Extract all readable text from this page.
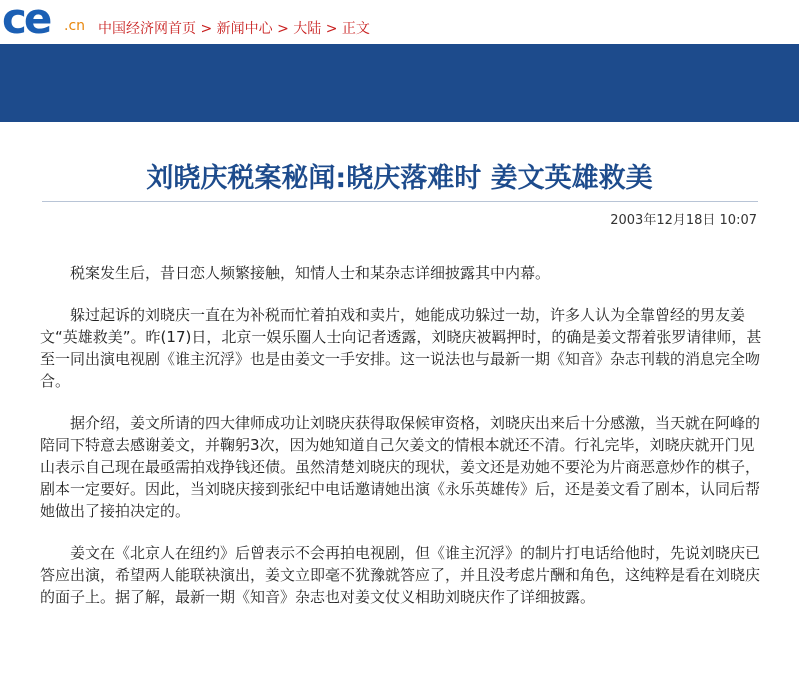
ce .cn 中国经济网首页 > 新闻中心 > 大陆 > 正文
刘晓庆税案秘闻:晓庆落难时 姜文英雄救美
2003年12月18日 10:07

税案发生后，昔日恋人频繁接触，知情人士和某杂志详细披露其中内幕。

躲过起诉的刘晓庆一直在为补税而忙着拍戏和卖片，她能成功躲过一劫，许多人认为全靠曾经的男友姜文“英雄救美”。昨(17)日，北京一娱乐圈人士向记者透露，刘晓庆被羁押时，的确是姜文帮着张罗请律师，甚至一同出演电视剧《谁主沉浮》也是由姜文一手安排。这一说法也与最新一期《知音》杂志刊载的消息完全吻合。

据介绍，姜文所请的四大律师成功让刘晓庆获得取保候审资格，刘晓庆出来后十分感激，当天就在阿峰的陪同下特意去感谢姜文，并鞠躬3次，因为她知道自己欠姜文的情根本就还不清。行礼完毕，刘晓庆就开门见山表示自己现在最亟需拍戏挣钱还债。虽然清楚刘晓庆的现状，姜文还是劝她不要沦为片商恶意炒作的棋子，剧本一定要好。因此，当刘晓庆接到张纪中电话邀请她出演《永乐英雄传》后，还是姜文看了剧本，认同后帮她做出了接拍决定的。

姜文在《北京人在纽约》后曾表示不会再拍电视剧，但《谁主沉浮》的制片打电话给他时，先说刘晓庆已答应出演，希望两人能联袂演出，姜文立即毫不犹豫就答应了，并且没考虑片酬和角色，这纯粹是看在刘晓庆的面子上。据了解，最新一期《知音》杂志也对姜文仗义相助刘晓庆作了详细披露。
